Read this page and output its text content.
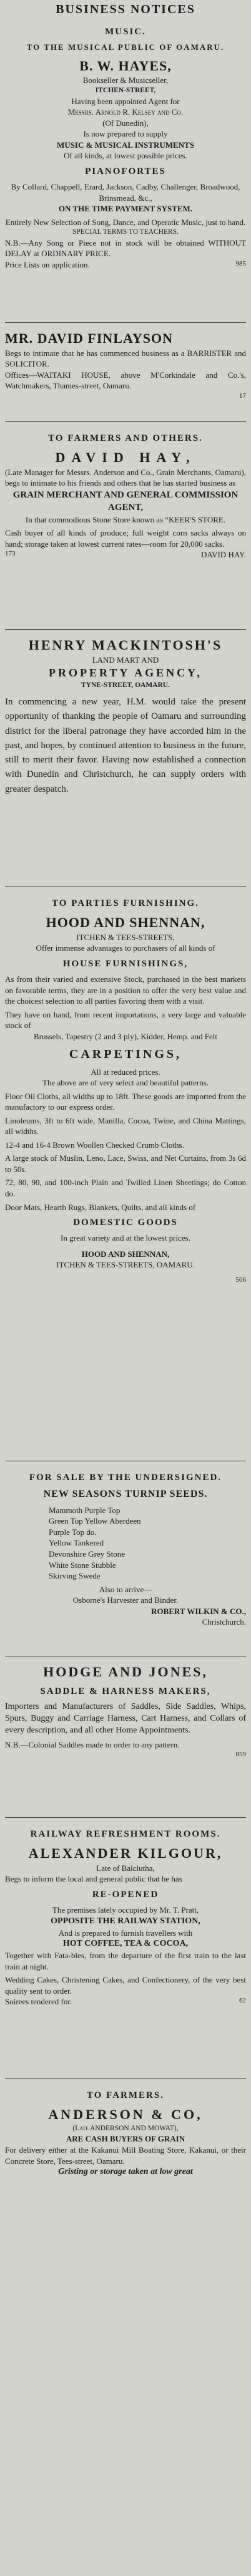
BUSINESS NOTICES
MUSIC.
TO THE MUSICAL PUBLIC OF OAMARU.
B. W. HAYES,
Bookseller & Musicseller,
ITCHEN-STREET,
Having been appointed Agent for
Messrs. Arnold R. Kelsey and Co.
(Of Dunedin),
Is now prepared to supply
MUSIC & MUSICAL INSTRUMENTS
Of all kinds, at lowest possible prices.
PIANOFORTES
By Collard, Chappell, Erard, Jackson, Cadby, Challenger, Broadwood, Brinsmead, &c.,
ON THE TIME PAYMENT SYSTEM.
Entirely New Selection of Song, Dance, and Operatic Music, just to hand.
SPECIAL TERMS TO TEACHERS.
N.B.—Any Song or Piece not in stock will be obtained WITHOUT DELAY at ORDINARY PRICE.
Price Lists on application.	985
MR. DAVID FINLAYSON
Begs to intimate that he has commenced business as a BARRISTER and SOLICITOR.
Offices—WAITAKI HOUSE, above M'Corkindale and Co.'s, Watchmakers, Thames-street, Oamaru.
17
TO FARMERS AND OTHERS.
DAVID HAY,
(Late Manager for Messrs. Anderson and Co., Grain Merchants, Oamaru), begs to intimate to his friends and others that he has started business as
GRAIN MERCHANT AND GENERAL COMMISSION AGENT,
In that commodious Stone Store known as “KEER'S STORE.
Cash buyer of all kinds of produce; full weight corn sacks always on hand; storage taken at lowest current rates—room for 20,000 sacks.
173	DAVID HAY.
HENRY MACKINTOSH'S
LAND MART AND
PROPERTY AGENCY,
TYNE-STREET, OAMARU.
In commencing a new year, H.M. would take the present opportunity of thanking the people of Oamaru and surrounding district for the liberal patronage they have accorded him in the past, and hopes, by continued attention to business in the future, still to merit their favor. Having now established a connection with Dunedin and Christchurch, he can supply orders with greater despatch.
TO PARTIES FURNISHING.
HOOD AND SHENNAN,
ITCHEN & TEES-STREETS,
Offer immense advantages to purchasers of all kinds of
HOUSE FURNISHINGS,
As from their varied and extensive Stock, purchased in the best markets on favorable terms, they are in a position to offer the very best value and the choicest selection to all parties favoring them with a visit.
They have on hand, from recent importations, a very large and valuable stock of
Brussels, Tapestry (2 and 3 ply), Kidder, Hemp. and Felt
CARPETINGS,
All at reduced prices.
The above are of very select and beautiful patterns.
Floor Oil Cloths, all widths up to 18ft. These goods are imported from the manufactory to our express order.
Linoleums, 3ft to 6ft wide, Manilla, Cocoa, Twine, and China Mattings, all widths.
12-4 and 16-4 Brown Woollen Checked Crumb Cloths.
A large stock of Muslin, Leno, Lace, Swiss, and Net Curtains, from 3s 6d to 50s.
72, 80, 90, and 100-inch Plain and Twilled Linen Sheetings; do Cotton do.
Door Mats, Hearth Rugs, Blankets, Quilts, and all kinds of
DOMESTIC GOODS
In great variety and at the lowest prices.
HOOD AND SHENNAN,
ITCHEN & TEES-STREETS, OAMARU.
506
FOR SALE BY THE UNDERSIGNED.
NEW SEASONS TURNIP SEEDS.
Mammoth Purple Top
Green Top Yellow Aberdeen
Purple Top do.
Yellow Tankered
Devonshire Grey Stone
White Stone Stubble
Skirving Swede
Also to arrive—
Osborne's Harvester and Binder.
ROBERT WILKIN & CO.,
Christchurch.
HODGE AND JONES,
SADDLE & HARNESS MAKERS,
Importers and Manufacturers of Saddles, Side Saddles, Whips, Spurs, Buggy and Carriage Harness, Cart Harness, and Collars of every description, and all other Home Appointments.
N.B.—Colonial Saddles made to order to any pattern.
859
RAILWAY REFRESHMENT ROOMS.
ALEXANDER KILGOUR,
Late of Balclutha,
Begs to inform the local and general public that he has
RE-OPENED
The premises lately occupied by Mr. T. Pratt,
OPPOSITE THE RAILWAY STATION,
And is prepared to furnish travellers with
HOT COFFEE, TEA & COCOA,
Together with Fata-bles, from the departure of the first train to the last train at night.
Wedding Cakes, Christening Cakes, and Confectionery, of the very best quality sent to order.
Soirees tendered for.	62
TO FARMERS.
ANDERSON & CO,
(Late ANDERSON AND MOWAT),
ARE CASH BUYERS OF GRAIN
For delivery either at the Kakanui Mill Boating Store, Kakanui, or their Concrete Store, Tees-street, Oamaru.
Gristing or storage taken at low great
